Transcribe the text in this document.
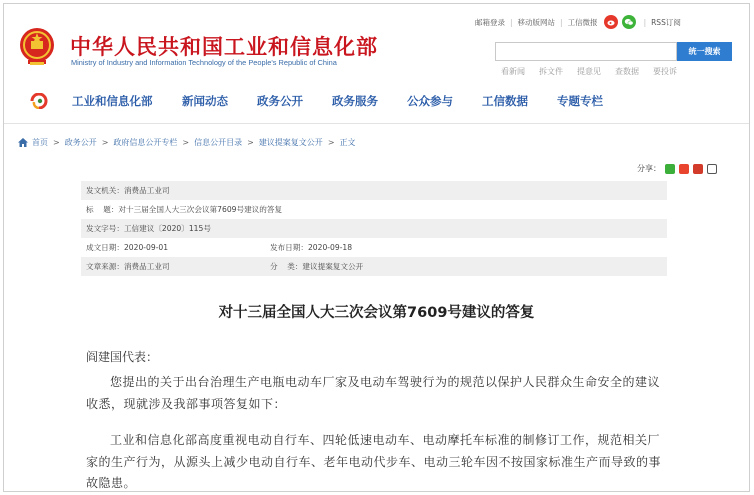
中华人民共和国工业和信息化部
Ministry of Industry and Information Technology of the People's Republic of China
邮箱登录 | 移动版网站 | 工信微报	| RSS订阅
统一搜索
看新闻 拆文件 提意见 查数据 要投诉
工业和信息化部	新闻动态	政务公开	政务服务	公众参与	工信数据	专题专栏
首页 > 政务公开 > 政府信息公开专栏 > 信息公开目录 > 建议提案复文公开 > 正文
分享：
发文机关：消费品工业司
标    题：对十三届全国人大三次会议第7609号建议的答复
发文字号：工信建议〔2020〕115号
成文日期：2020-09-01	发布日期：2020-09-18
文章来源：消费品工业司	分    类：建议提案复文公开
对十三届全国人大三次会议第7609号建议的答复
阎建国代表：
您提出的关于出台治理生产电瓶电动车厂家及电动车驾驶行为的规范以保护人民群众生命安全的建议收悉，现就涉及我部事项答复如下：
工业和信息化部高度重视电动自行车、四轮低速电动车、电动摩托车标准的制修订工作，规范相关厂家的生产行为，从源头上减少电动自行车、老年电动代步车、电动三轮车因不按国家标准生产而导致的事故隐患。
